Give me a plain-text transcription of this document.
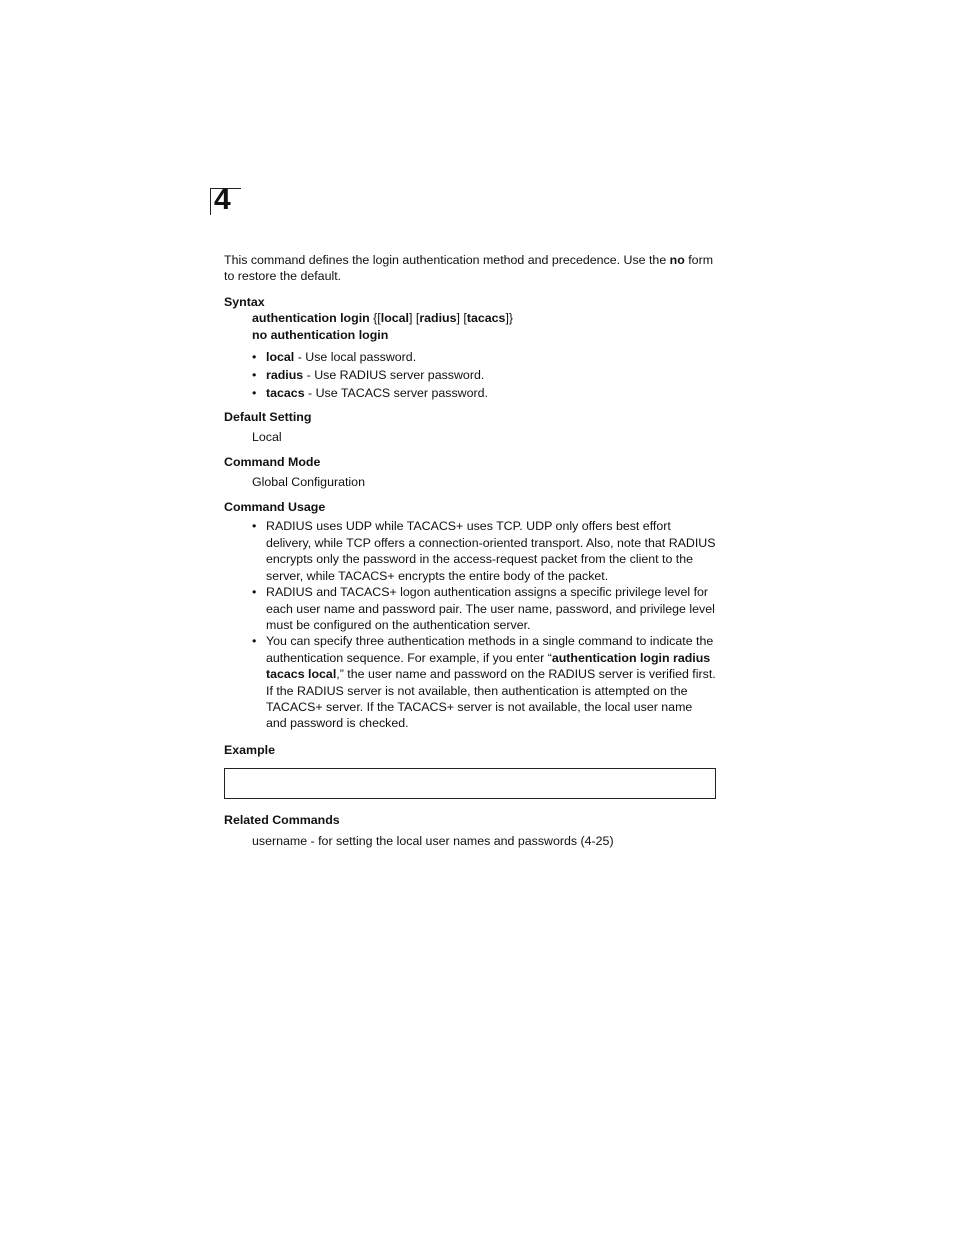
4

This command defines the login authentication method and precedence. Use the no form to restore the default.

Syntax

authentication login {[local] [radius] [tacacs]}

no authentication login

• local - Use local password.
• radius - Use RADIUS server password.
• tacacs - Use TACACS server password.

Default Setting

Local

Command Mode

Global Configuration

Command Usage

• RADIUS uses UDP while TACACS+ uses TCP. UDP only offers best effort delivery, while TCP offers a connection-oriented transport. Also, note that RADIUS encrypts only the password in the access-request packet from the client to the server, while TACACS+ encrypts the entire body of the packet.
• RADIUS and TACACS+ logon authentication assigns a specific privilege level for each user name and password pair. The user name, password, and privilege level must be configured on the authentication server.
• You can specify three authentication methods in a single command to indicate the authentication sequence. For example, if you enter “authentication login radius tacacs local,” the user name and password on the RADIUS server is verified first. If the RADIUS server is not available, then authentication is attempted on the TACACS+ server. If the TACACS+ server is not available, the local user name and password is checked.

Example

Related Commands

username - for setting the local user names and passwords (4-25)
